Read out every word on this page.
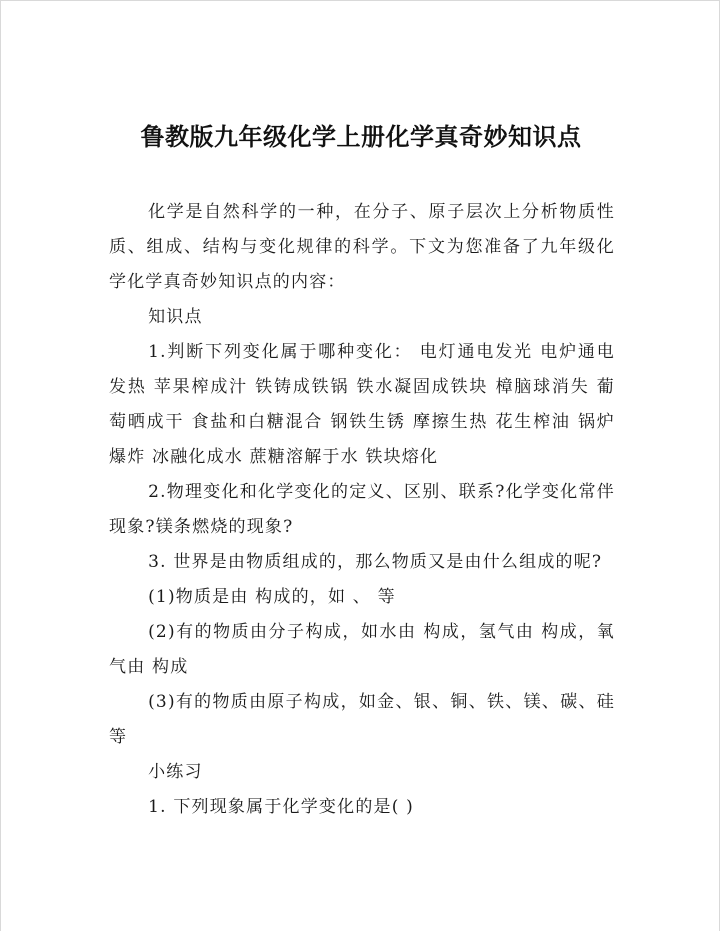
鲁教版九年级化学上册化学真奇妙知识点

化学是自然科学的一种，在分子、原子层次上分析物质性质、组成、结构与变化规律的科学。下文为您准备了九年级化学化学真奇妙知识点的内容：

知识点

1.判断下列变化属于哪种变化： 电灯通电发光 电炉通电发热 苹果榨成汁 铁铸成铁锅 铁水凝固成铁块 樟脑球消失 葡萄晒成干 食盐和白糖混合 钢铁生锈 摩擦生热 花生榨油 锅炉爆炸 冰融化成水 蔗糖溶解于水 铁块熔化

2.物理变化和化学变化的定义、区别、联系?化学变化常伴现象?镁条燃烧的现象?

3. 世界是由物质组成的，那么物质又是由什么组成的呢?

(1)物质是由 构成的，如 、 等

(2)有的物质由分子构成，如水由 构成，氢气由 构成，氧气由 构成

(3)有的物质由原子构成，如金、银、铜、铁、镁、碳、硅等

小练习

1. 下列现象属于化学变化的是( )
